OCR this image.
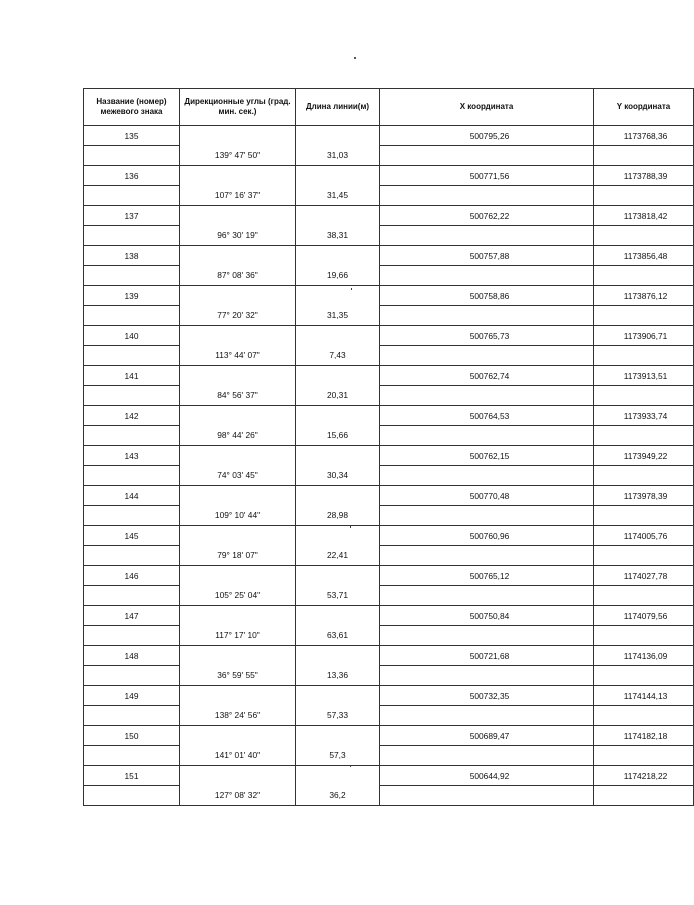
Название (номер) межевого знака	Дирекционные углы (град. мин. сек.)	Длина линии(м)	X координата	Y координата
135			500795,26	1173768,36
	139° 47' 50"	31,03		
136			500771,56	1173788,39
	107° 16' 37"	31,45		
137			500762,22	1173818,42
	96° 30' 19"	38,31		
138			500757,88	1173856,48
	87° 08' 36"	19,66		
139			500758,86	1173876,12
	77° 20' 32"	31,35		
140			500765,73	1173906,71
	113° 44' 07"	7,43		
141			500762,74	1173913,51
	84° 56' 37"	20,31		
142			500764,53	1173933,74
	98° 44' 26"	15,66		
143			500762,15	1173949,22
	74° 03' 45"	30,34		
144			500770,48	1173978,39
	109° 10' 44"	28,98		
145			500760,96	1174005,76
	79° 18' 07"	22,41		
146			500765,12	1174027,78
	105° 25' 04"	53,71		
147			500750,84	1174079,56
	117° 17' 10"	63,61		
148			500721,68	1174136,09
	36° 59' 55"	13,36		
149			500732,35	1174144,13
	138° 24' 56"	57,33		
150			500689,47	1174182,18
	141° 01' 40"	57,3		
151			500644,92	1174218,22
	127° 08' 32"	36,2		
